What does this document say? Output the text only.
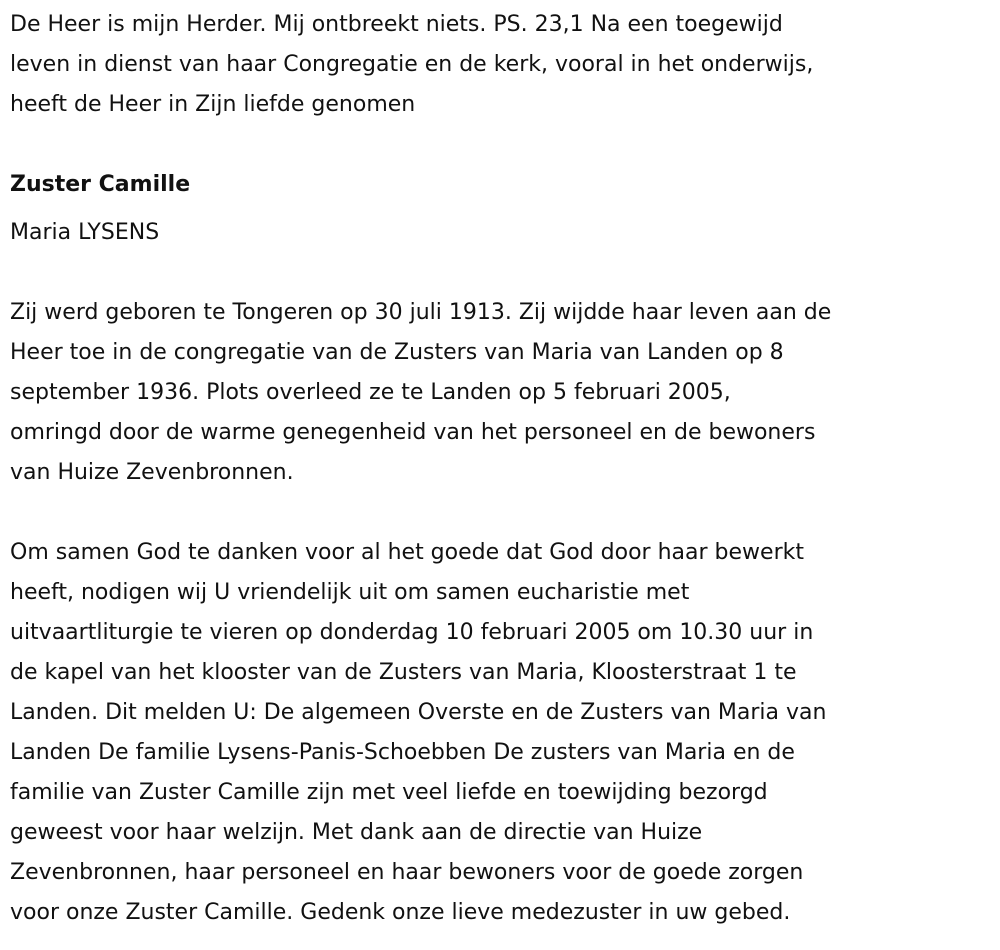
De Heer is mijn Herder. Mij ontbreekt niets. PS. 23,1 Na een toegewijd
leven in dienst van haar Congregatie en de kerk, vooral in het onderwijs,
heeft de Heer in Zijn liefde genomen
Zuster Camille
Maria LYSENS
Zij werd geboren te Tongeren op 30 juli 1913. Zij wijdde haar leven aan de
Heer toe in de congregatie van de Zusters van Maria van Landen op 8
september 1936. Plots overleed ze te Landen op 5 februari 2005,
omringd door de warme genegenheid van het personeel en de bewoners
van Huize Zevenbronnen.
Om samen God te danken voor al het goede dat God door haar bewerkt
heeft, nodigen wij U vriendelijk uit om samen eucharistie met
uitvaartliturgie te vieren op donderdag 10 februari 2005 om 10.30 uur in
de kapel van het klooster van de Zusters van Maria, Kloosterstraat 1 te
Landen. Dit melden U: De algemeen Overste en de Zusters van Maria van
Landen De familie Lysens-Panis-Schoebben De zusters van Maria en de
familie van Zuster Camille zijn met veel liefde en toewijding bezorgd
geweest voor haar welzijn. Met dank aan de directie van Huize
Zevenbronnen, haar personeel en haar bewoners voor de goede zorgen
voor onze Zuster Camille. Gedenk onze lieve medezuster in uw gebed.
